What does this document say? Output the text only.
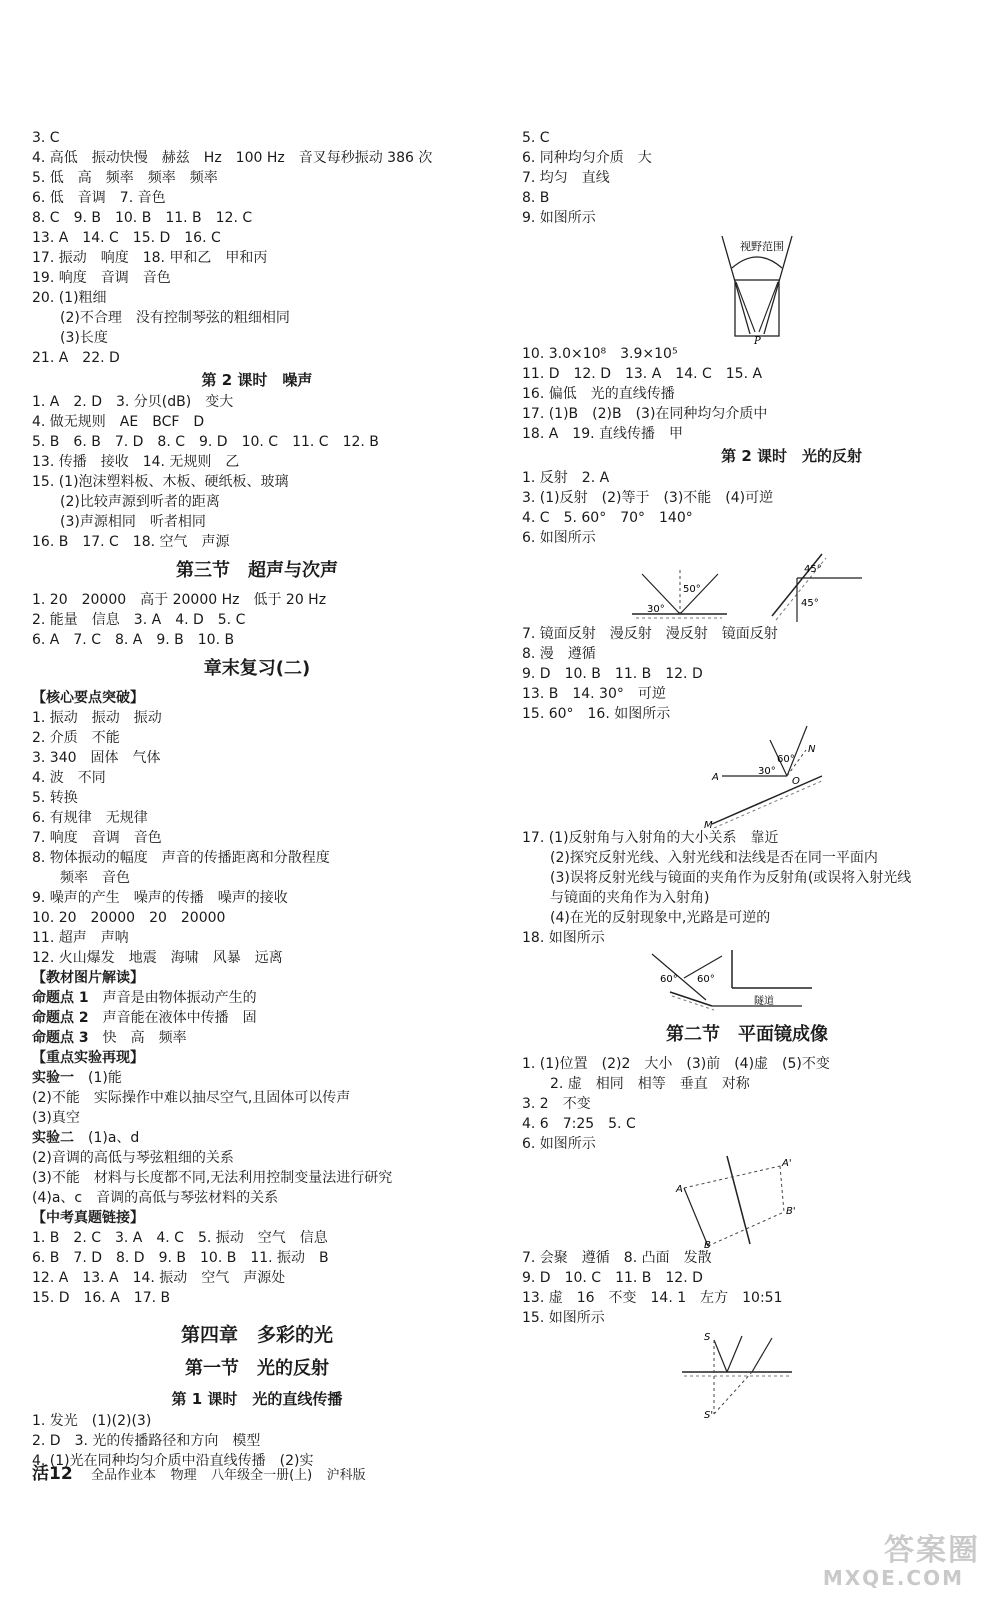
3. C
4. 高低　振动快慢　赫兹　Hz　100 Hz　音叉每秒振动 386 次
5. 低　高　频率　频率　频率
6. 低　音调　7. 音色
8. C　9. B　10. B　11. B　12. C
13. A　14. C　15. D　16. C
17. 振动　响度　18. 甲和乙　甲和丙
19. 响度　音调　音色
20. (1)粗细
(2)不合理　没有控制琴弦的粗细相同
(3)长度
21. A　22. D
第 2 课时　噪声
1. A　2. D　3. 分贝(dB)　变大
4. 做无规则　AE　BCF　D
5. B　6. B　7. D　8. C　9. D　10. C　11. C　12. B
13. 传播　接收　14. 无规则　乙
15. (1)泡沫塑料板、木板、硬纸板、玻璃
(2)比较声源到听者的距离
(3)声源相同　听者相同
16. B　17. C　18. 空气　声源
第三节　超声与次声
1. 20　20000　高于 20000 Hz　低于 20 Hz
2. 能量　信息　3. A　4. D　5. C
6. A　7. C　8. A　9. B　10. B
章末复习(二)
【核心要点突破】
1. 振动　振动　振动
2. 介质　不能
3. 340　固体　气体
4. 波　不同
5. 转换
6. 有规律　无规律
7. 响度　音调　音色
8. 物体振动的幅度　声音的传播距离和分散程度
频率　音色
9. 噪声的产生　噪声的传播　噪声的接收
10. 20　20000　20　20000
11. 超声　声呐
12. 火山爆发　地震　海啸　风暴　远离
【教材图片解读】
命题点 1　声音是由物体振动产生的
命题点 2　声音能在液体中传播　固
命题点 3　快　高　频率
【重点实验再现】
实验一　(1)能
(2)不能　实际操作中难以抽尽空气,且固体可以传声
(3)真空
实验二　(1)a、d
(2)音调的高低与琴弦粗细的关系
(3)不能　材料与长度都不同,无法利用控制变量法进行研究
(4)a、c　音调的高低与琴弦材料的关系
【中考真题链接】
1. B　2. C　3. A　4. C　5. 振动　空气　信息
6. B　7. D　8. D　9. B　10. B　11. 振动　B
12. A　13. A　14. 振动　空气　声源处
15. D　16. A　17. B
第四章　多彩的光
第一节　光的反射
第 1 课时　光的直线传播
1. 发光　(1)(2)(3)
2. D　3. 光的传播路径和方向　模型
4. (1)光在同种均匀介质中沿直线传播　(2)实
5. C
6. 同种均匀介质　大
7. 均匀　直线
8. B
9. 如图所示
视野范围
P
10. 3.0×10⁸　3.9×10⁵
11. D　12. D　13. A　14. C　15. A
16. 偏低　光的直线传播
17. (1)B　(2)B　(3)在同种均匀介质中
18. A　19. 直线传播　甲
第 2 课时　光的反射
1. 反射　2. A
3. (1)反射　(2)等于　(3)不能　(4)可逆
4. C　5. 60°　70°　140°
6. 如图所示
30°
50°
45°
45°
7. 镜面反射　漫反射　漫反射　镜面反射
8. 漫　遵循
9. D　10. B　11. B　12. D
13. B　14. 30°　可逆
15. 60°　16. 如图所示
N
A	O
M
60°
30°
17. (1)反射角与入射角的大小关系　靠近
(2)探究反射光线、入射光线和法线是否在同一平面内
(3)误将反射光线与镜面的夹角作为反射角(或误将入射光线
与镜面的夹角作为入射角)
(4)在光的反射现象中,光路是可逆的
18. 如图所示
60° 60°
隧道
第二节　平面镜成像
1. (1)位置　(2)2　大小　(3)前　(4)虚　(5)不变
2. 虚　相同　相等　垂直　对称
3. 2　不变
4. 6　7:25　5. C
6. 如图所示
A
B
A'
B'
7. 会聚　遵循　8. 凸面　发散
9. D　10. C　11. B　12. D
13. 虚　16　不变　14. 1　左方　10:51
15. 如图所示
S
S'
活12 全品作业本 物理 八年级全一册(上) 沪科版
答案圈
MXQE.COM
